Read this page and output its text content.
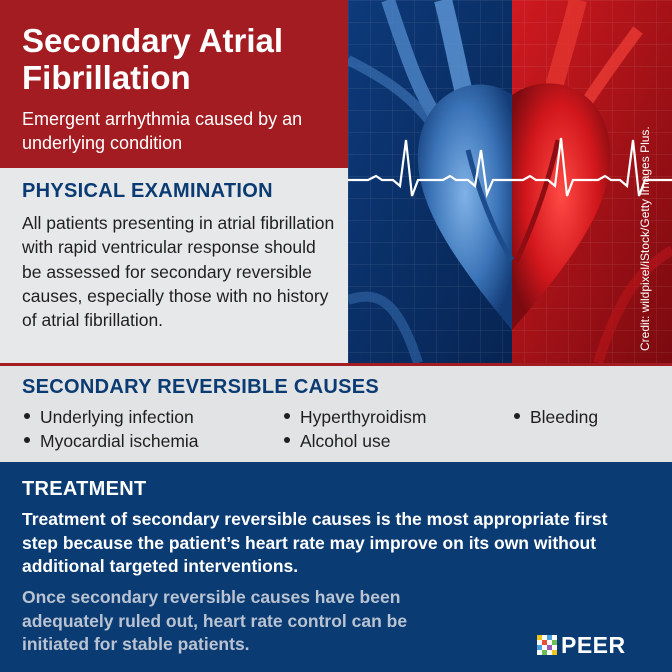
Secondary Atrial Fibrillation

Emergent arrhythmia caused by an underlying condition

PHYSICAL EXAMINATION

All patients presenting in atrial fibrillation with rapid ventricular response should be assessed for secondary reversible causes, especially those with no history of atrial fibrillation.	Credit: wildpixel/iStock/Getty Images Plus.
SECONDARY REVERSIBLE CAUSES
Underlying infection
Myocardial ischemia
Hyperthyroidism
Alcohol use
Bleeding
TREATMENT

Treatment of secondary reversible causes is the most appropriate first step because the patient’s heart rate may improve on its own without additional targeted interventions.

Once secondary reversible causes have been adequately ruled out, heart rate control can be initiated for stable patients.	PEER
